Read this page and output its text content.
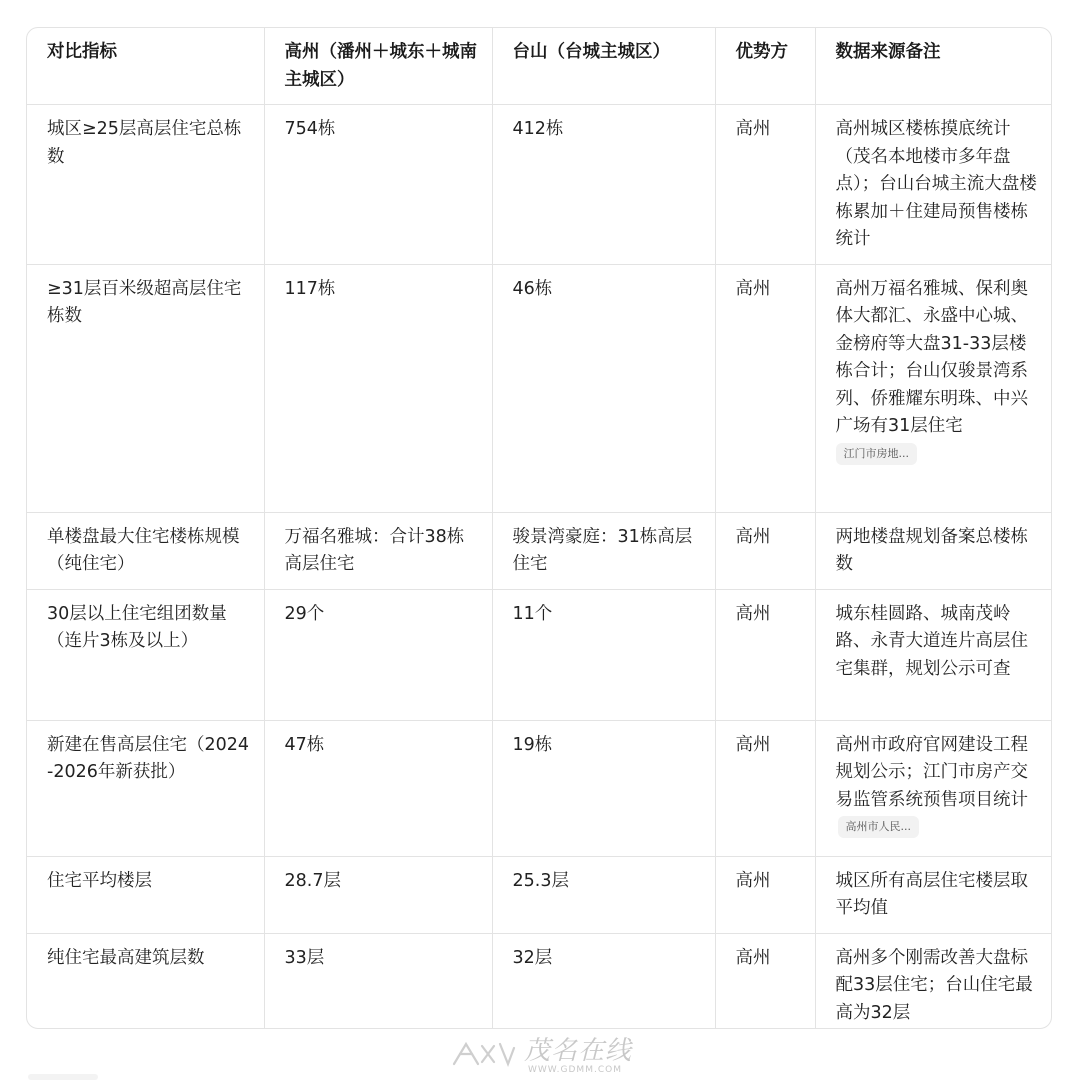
对比指标	高州（潘州＋城东＋城南主城区）	台山（台城主城区）	优势方	数据来源备注
城区≥25层高层住宅总栋数	754栋	412栋	高州	高州城区楼栋摸底统计（茂名本地楼市多年盘点）；台山台城主流大盘楼栋累加＋住建局预售楼栋统计
≥31层百米级超高层住宅栋数	117栋	46栋	高州	高州万福名雅城、保利奥体大都汇、永盛中心城、金榜府等大盘31-33层楼栋合计；台山仅骏景湾系列、侨雅耀东明珠、中兴广场有31层住宅
江门市房地...

单楼盘最大住宅楼栋规模（纯住宅）	万福名雅城：合计38栋高层住宅	骏景湾豪庭：31栋高层住宅	高州	两地楼盘规划备案总楼栋数
30层以上住宅组团数量（连片3栋及以上）	29个	11个	高州	城东桂圆路、城南茂岭路、永青大道连片高层住宅集群，规划公示可查
新建在售高层住宅（2024-2026年新获批）	47栋	19栋	高州	高州市政府官网建设工程规划公示；江门市房产交易监管系统预售项目统计 高州市人民...
住宅平均楼层	28.7层	25.3层	高州	城区所有高层住宅楼层取平均值
纯住宅最高建筑层数	33层	32层	高州	高州多个刚需改善大盘标配33层住宅；台山住宅最高为32层
茂名在线
WWW.GDMM.COM
